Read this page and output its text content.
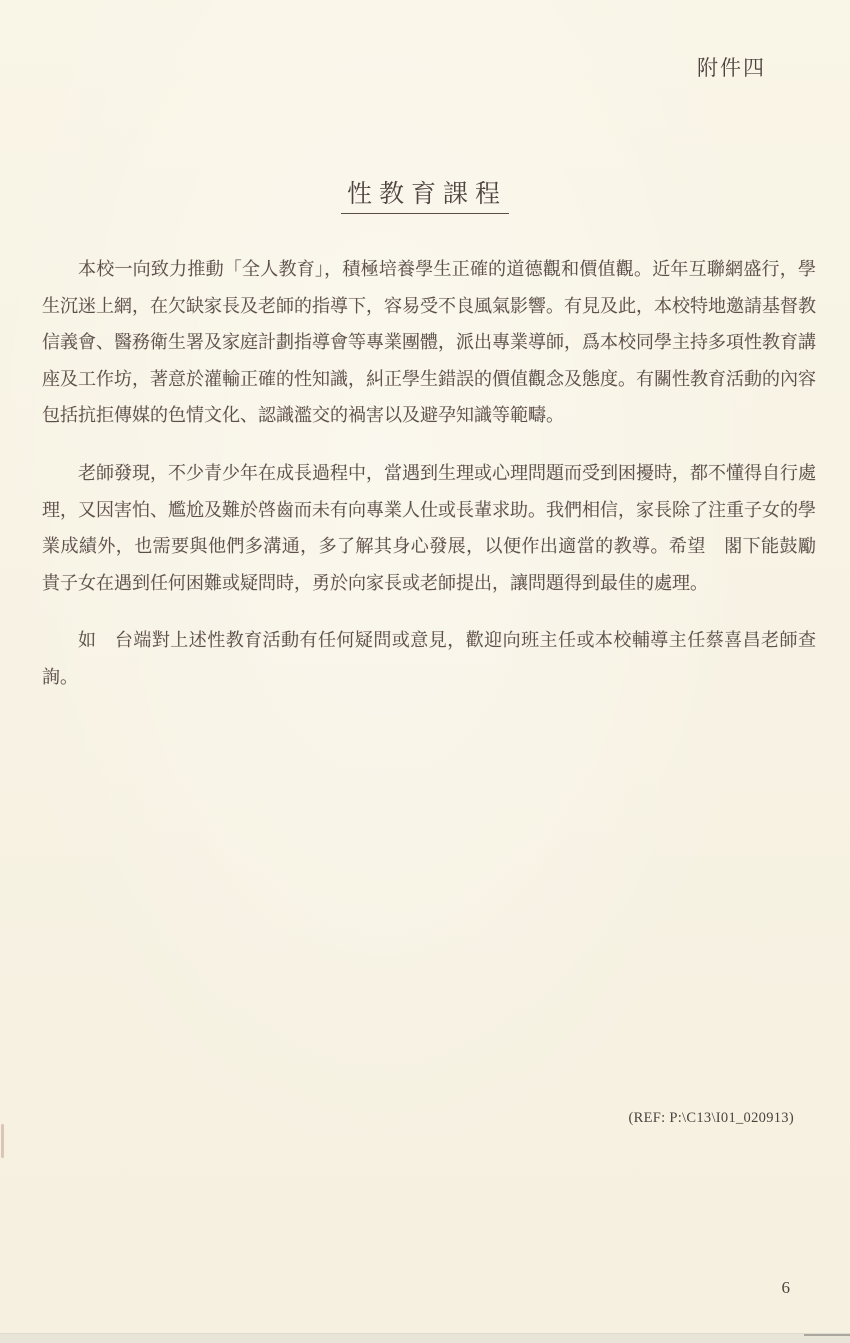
附件四
性教育課程

本校一向致力推動「全人教育」，積極培養學生正確的道德觀和價值觀。近年互聯網盛行，學生沉迷上網，在欠缺家長及老師的指導下，容易受不良風氣影響。有見及此，本校特地邀請基督教信義會、醫務衛生署及家庭計劃指導會等專業團體，派出專業導師，爲本校同學主持多項性教育講座及工作坊，著意於灌輸正確的性知識，糾正學生錯誤的價值觀念及態度。有關性教育活動的內容包括抗拒傳媒的色情文化、認識濫交的禍害以及避孕知識等範疇。

老師發現，不少青少年在成長過程中，當遇到生理或心理問題而受到困擾時，都不懂得自行處理，又因害怕、尷尬及難於啓齒而未有向專業人仕或長輩求助。我們相信，家長除了注重子女的學業成績外，也需要與他們多溝通，多了解其身心發展，以便作出適當的教導。希望　閣下能鼓勵　貴子女在遇到任何困難或疑問時，勇於向家長或老師提出，讓問題得到最佳的處理。

如　台端對上述性教育活動有任何疑問或意見，歡迎向班主任或本校輔導主任蔡喜昌老師查詢。

(REF: P:\C13\I01_020913)
6
